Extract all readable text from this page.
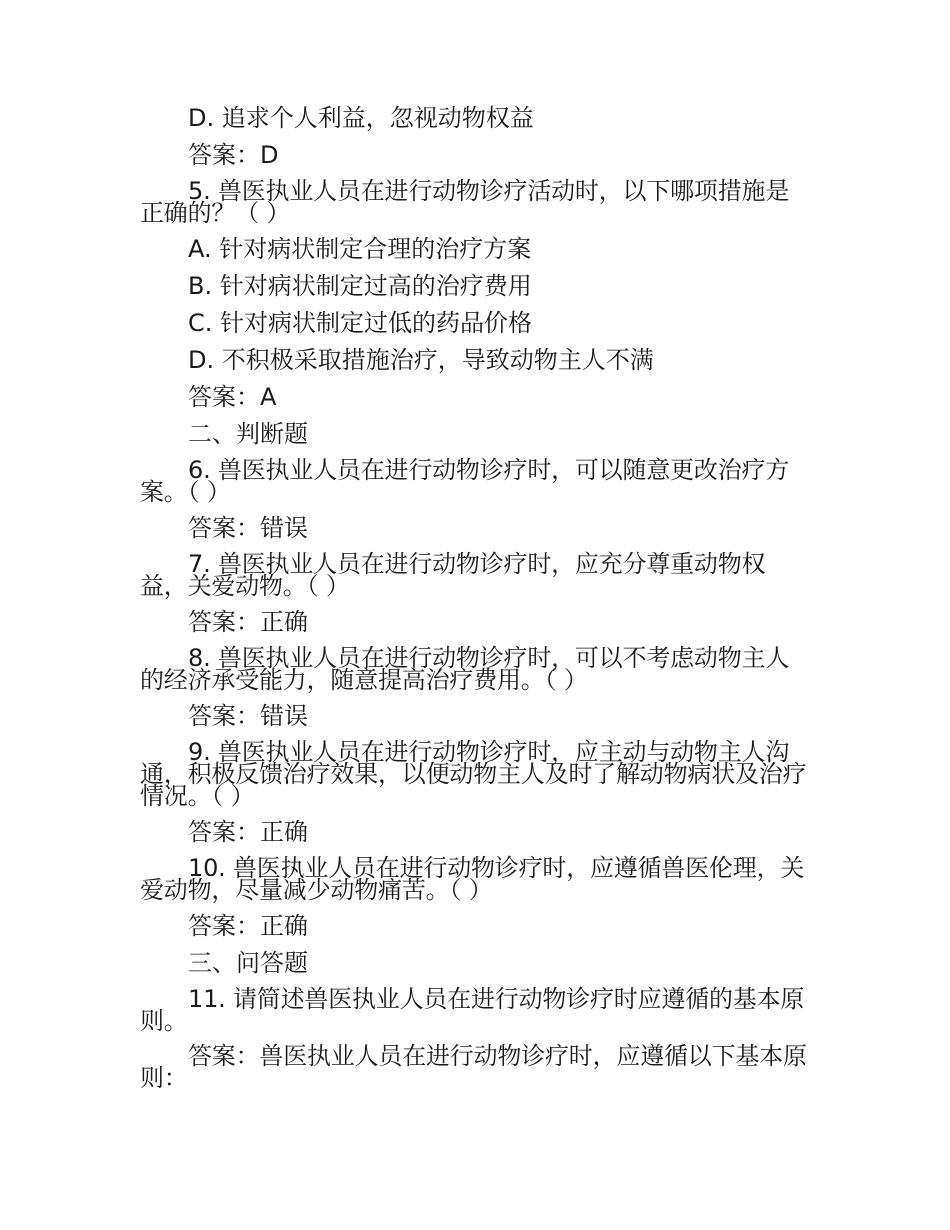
D. 追求个人利益，忽视动物权益

答案：D

5. 兽医执业人员在进行动物诊疗活动时，以下哪项措施是正确的？（ ）

A. 针对病状制定合理的治疗方案

B. 针对病状制定过高的治疗费用

C. 针对病状制定过低的药品价格

D. 不积极采取措施治疗，导致动物主人不满

答案：A

二、判断题

6. 兽医执业人员在进行动物诊疗时，可以随意更改治疗方案。（ ）

答案：错误

7. 兽医执业人员在进行动物诊疗时，应充分尊重动物权益，关爱动物。（ ）

答案：正确

8. 兽医执业人员在进行动物诊疗时，可以不考虑动物主人的经济承受能力，随意提高治疗费用。（ ）

答案：错误

9. 兽医执业人员在进行动物诊疗时，应主动与动物主人沟通，积极反馈治疗效果，以便动物主人及时了解动物病状及治疗情况。（ ）

答案：正确

10. 兽医执业人员在进行动物诊疗时，应遵循兽医伦理，关爱动物，尽量减少动物痛苦。（ ）

答案：正确

三、问答题

11. 请简述兽医执业人员在进行动物诊疗时应遵循的基本原则。

答案：兽医执业人员在进行动物诊疗时，应遵循以下基本原则：
